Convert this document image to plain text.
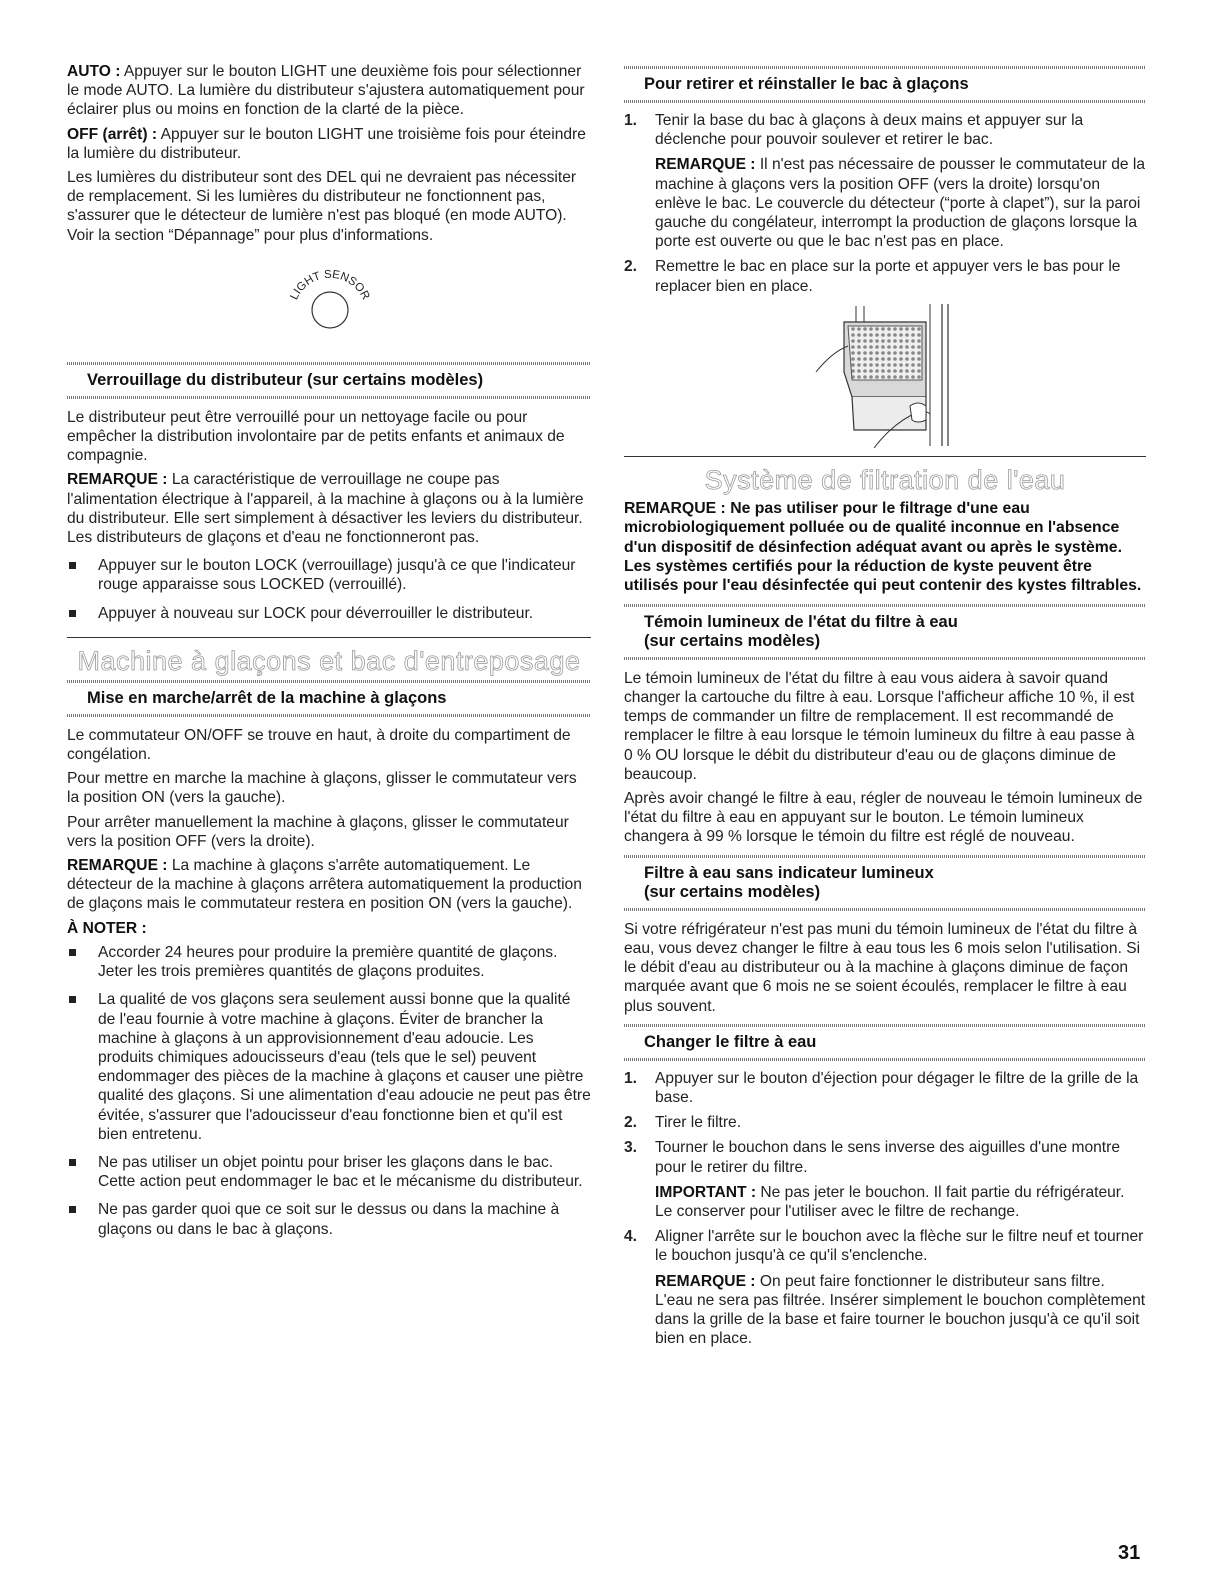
AUTO : Appuyer sur le bouton LIGHT une deuxième fois pour sélectionner le mode AUTO. La lumière du distributeur s'ajustera automatiquement pour éclairer plus ou moins en fonction de la clarté de la pièce.

OFF (arrêt) : Appuyer sur le bouton LIGHT une troisième fois pour éteindre la lumière du distributeur.

Les lumières du distributeur sont des DEL qui ne devraient pas nécessiter de remplacement. Si les lumières du distributeur ne fonctionnent pas, s'assurer que le détecteur de lumière n'est pas bloqué (en mode AUTO). Voir la section “Dépannage” pour plus d'informations.

LIGHT SENSOR
Verrouillage du distributeur (sur certains modèles)

Le distributeur peut être verrouillé pour un nettoyage facile ou pour empêcher la distribution involontaire par de petits enfants et animaux de compagnie.

REMARQUE : La caractéristique de verrouillage ne coupe pas l'alimentation électrique à l'appareil, à la machine à glaçons ou à la lumière du distributeur. Elle sert simplement à désactiver les leviers du distributeur. Les distributeurs de glaçons et d'eau ne fonctionneront pas.

Appuyer sur le bouton LOCK (verrouillage) jusqu'à ce que l'indicateur rouge apparaisse sous LOCKED (verrouillé).
Appuyer à nouveau sur LOCK pour déverrouiller le distributeur.
Machine à glaçons et bac d'entreposage
Mise en marche/arrêt de la machine à glaçons

Le commutateur ON/OFF se trouve en haut, à droite du compartiment de congélation.

Pour mettre en marche la machine à glaçons, glisser le commutateur vers la position ON (vers la gauche).

Pour arrêter manuellement la machine à glaçons, glisser le commutateur vers la position OFF (vers la droite).

REMARQUE : La machine à glaçons s'arrête automatiquement. Le détecteur de la machine à glaçons arrêtera automatiquement la production de glaçons mais le commutateur restera en position ON (vers la gauche).

À NOTER :

Accorder 24 heures pour produire la première quantité de glaçons. Jeter les trois premières quantités de glaçons produites.
La qualité de vos glaçons sera seulement aussi bonne que la qualité de l'eau fournie à votre machine à glaçons. Éviter de brancher la machine à glaçons à un approvisionnement d'eau adoucie. Les produits chimiques adoucisseurs d'eau (tels que le sel) peuvent endommager des pièces de la machine à glaçons et causer une piètre qualité des glaçons. Si une alimentation d'eau adoucie ne peut pas être évitée, s'assurer que l'adoucisseur d'eau fonctionne bien et qu'il est bien entretenu.
Ne pas utiliser un objet pointu pour briser les glaçons dans le bac. Cette action peut endommager le bac et le mécanisme du distributeur.
Ne pas garder quoi que ce soit sur le dessus ou dans la machine à glaçons ou dans le bac à glaçons.
Pour retirer et réinstaller le bac à glaçons
1. Tenir la base du bac à glaçons à deux mains et appuyer sur la déclenche pour pouvoir soulever et retirer le bac.

REMARQUE : Il n'est pas nécessaire de pousser le commutateur de la machine à glaçons vers la position OFF (vers la droite) lorsqu'on enlève le bac. Le couvercle du détecteur (“porte à clapet”), sur la paroi gauche du congélateur, interrompt la production de glaçons lorsque la porte est ouverte ou que le bac n'est pas en place.

2. Remettre le bac en place sur la porte et appuyer vers le bas pour le replacer bien en place.
Système de filtration de l'eau

REMARQUE : Ne pas utiliser pour le filtrage d'une eau microbiologiquement polluée ou de qualité inconnue en l'absence d'un dispositif de désinfection adéquat avant ou après le système. Les systèmes certifiés pour la réduction de kyste peuvent être utilisés pour l'eau désinfectée qui peut contenir des kystes filtrables.

Témoin lumineux de l'état du filtre à eau
(sur certains modèles)

Le témoin lumineux de l'état du filtre à eau vous aidera à savoir quand changer la cartouche du filtre à eau. Lorsque l'afficheur affiche 10 %, il est temps de commander un filtre de remplacement. Il est recommandé de remplacer le filtre à eau lorsque le témoin lumineux du filtre à eau passe à 0 % OU lorsque le débit du distributeur d'eau ou de glaçons diminue de beaucoup.

Après avoir changé le filtre à eau, régler de nouveau le témoin lumineux de l'état du filtre à eau en appuyant sur le bouton. Le témoin lumineux changera à 99 % lorsque le témoin du filtre est réglé de nouveau.

Filtre à eau sans indicateur lumineux
(sur certains modèles)

Si votre réfrigérateur n'est pas muni du témoin lumineux de l'état du filtre à eau, vous devez changer le filtre à eau tous les 6 mois selon l'utilisation. Si le débit d'eau au distributeur ou à la machine à glaçons diminue de façon marquée avant que 6 mois ne se soient écoulés, remplacer le filtre à eau plus souvent.

Changer le filtre à eau
1. Appuyer sur le bouton d'éjection pour dégager le filtre de la grille de la base.
2. Tirer le filtre.
3. Tourner le bouchon dans le sens inverse des aiguilles d'une montre pour le retirer du filtre.

IMPORTANT : Ne pas jeter le bouchon. Il fait partie du réfrigérateur. Le conserver pour l'utiliser avec le filtre de rechange.

4. Aligner l'arrête sur le bouchon avec la flèche sur le filtre neuf et tourner le bouchon jusqu'à ce qu'il s'enclenche.

REMARQUE : On peut faire fonctionner le distributeur sans filtre. L'eau ne sera pas filtrée. Insérer simplement le bouchon complètement dans la grille de la base et faire tourner le bouchon jusqu'à ce qu'il soit bien en place.

31
